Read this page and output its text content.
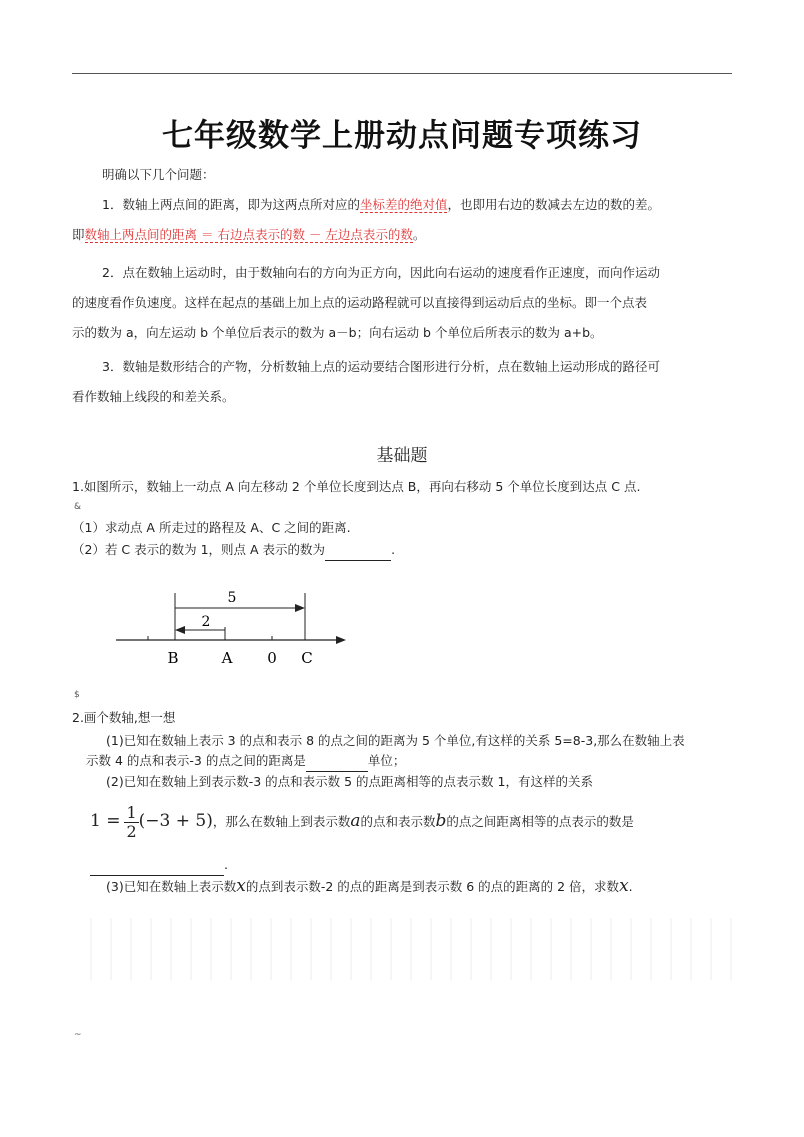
七年级数学上册动点问题专项练习
明确以下几个问题：
1．数轴上两点间的距离，即为这两点所对应的坐标差的绝对值，也即用右边的数减去左边的数的差。
即数轴上两点间的距离 ＝ 右边点表示的数 － 左边点表示的数。
2．点在数轴上运动时，由于数轴向右的方向为正方向，因此向右运动的速度看作正速度，而向作运动
的速度看作负速度。这样在起点的基础上加上点的运动路程就可以直接得到运动后点的坐标。即一个点表
示的数为 a，向左运动 b 个单位后表示的数为 a－b；向右运动 b 个单位后所表示的数为 a+b。
3．数轴是数形结合的产物，分析数轴上点的运动要结合图形进行分析，点在数轴上运动形成的路径可
看作数轴上线段的和差关系。
基础题
1.如图所示，数轴上一动点 A 向左移动 2 个单位长度到达点 B，再向右移动 5 个单位长度到达点 C 点.
&
（1）求动点 A 所走过的路程及 A、C 之间的距离.
（2）若 C 表示的数为 1，则点 A 表示的数为	.
5
2
B	A 0 C
$
2.画个数轴,想一想
(1)已知在数轴上表示 3 的点和表示 8 的点之间的距离为 5 个单位,有这样的关系 5=8-3,那么在数轴上表
示数 4 的点和表示-3 的点之间的距离是	单位；
(2)已知在数轴上到表示数-3 的点和表示数 5 的点距离相等的点表示数 1，有这样的关系
$1 = \frac{1}{2} (-3 + 5)$，那么在数轴上到表示数a的点和表示数b的点之间距离相等的点表示的数是
.
(3)已知在数轴上表示数x的点到表示数-2 的点的距离是到表示数 6 的点的距离的 2 倍，求数x.
~
